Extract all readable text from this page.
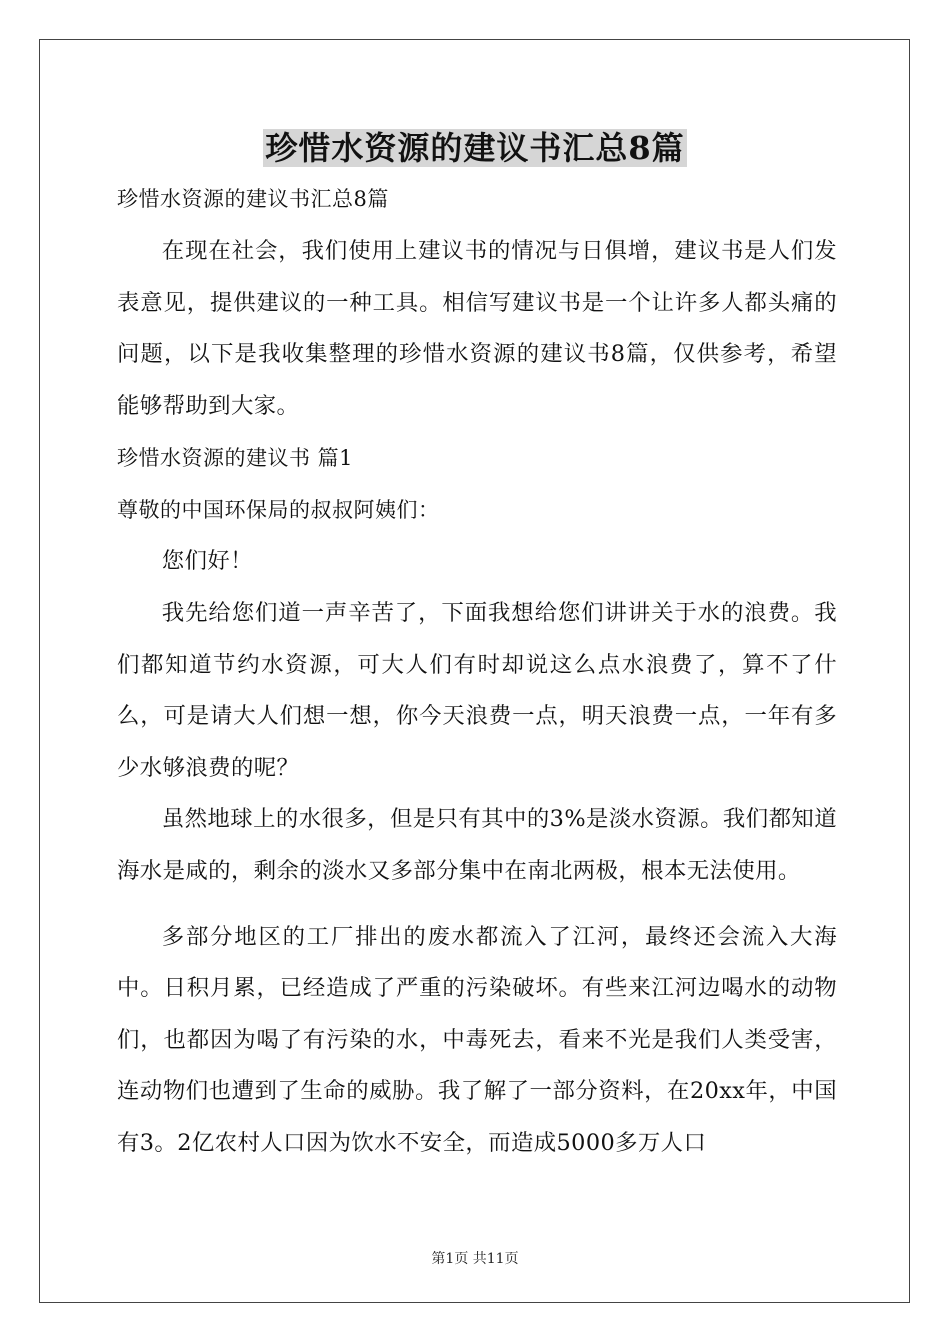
珍惜水资源的建议书汇总8篇
珍惜水资源的建议书汇总8篇

在现在社会，我们使用上建议书的情况与日俱增，建议书是人们发表意见，提供建议的一种工具。相信写建议书是一个让许多人都头痛的问题，以下是我收集整理的珍惜水资源的建议书8篇，仅供参考，希望能够帮助到大家。

珍惜水资源的建议书 篇1
尊敬的中国环保局的叔叔阿姨们：

您们好！

我先给您们道一声辛苦了，下面我想给您们讲讲关于水的浪费。我们都知道节约水资源，可大人们有时却说这么点水浪费了，算不了什么，可是请大人们想一想，你今天浪费一点，明天浪费一点，一年有多少水够浪费的呢？

虽然地球上的水很多，但是只有其中的3%是淡水资源。我们都知道海水是咸的，剩余的淡水又多部分集中在南北两极，根本无法使用。

多部分地区的工厂排出的废水都流入了江河，最终还会流入大海中。日积月累，已经造成了严重的污染破坏。有些来江河边喝水的动物们，也都因为喝了有污染的水，中毒死去，看来不光是我们人类受害，连动物们也遭到了生命的威胁。我了解了一部分资料，在20xx年，中国有3。2亿农村人口因为饮水不安全，而造成5000多万人口

第1页 共11页
